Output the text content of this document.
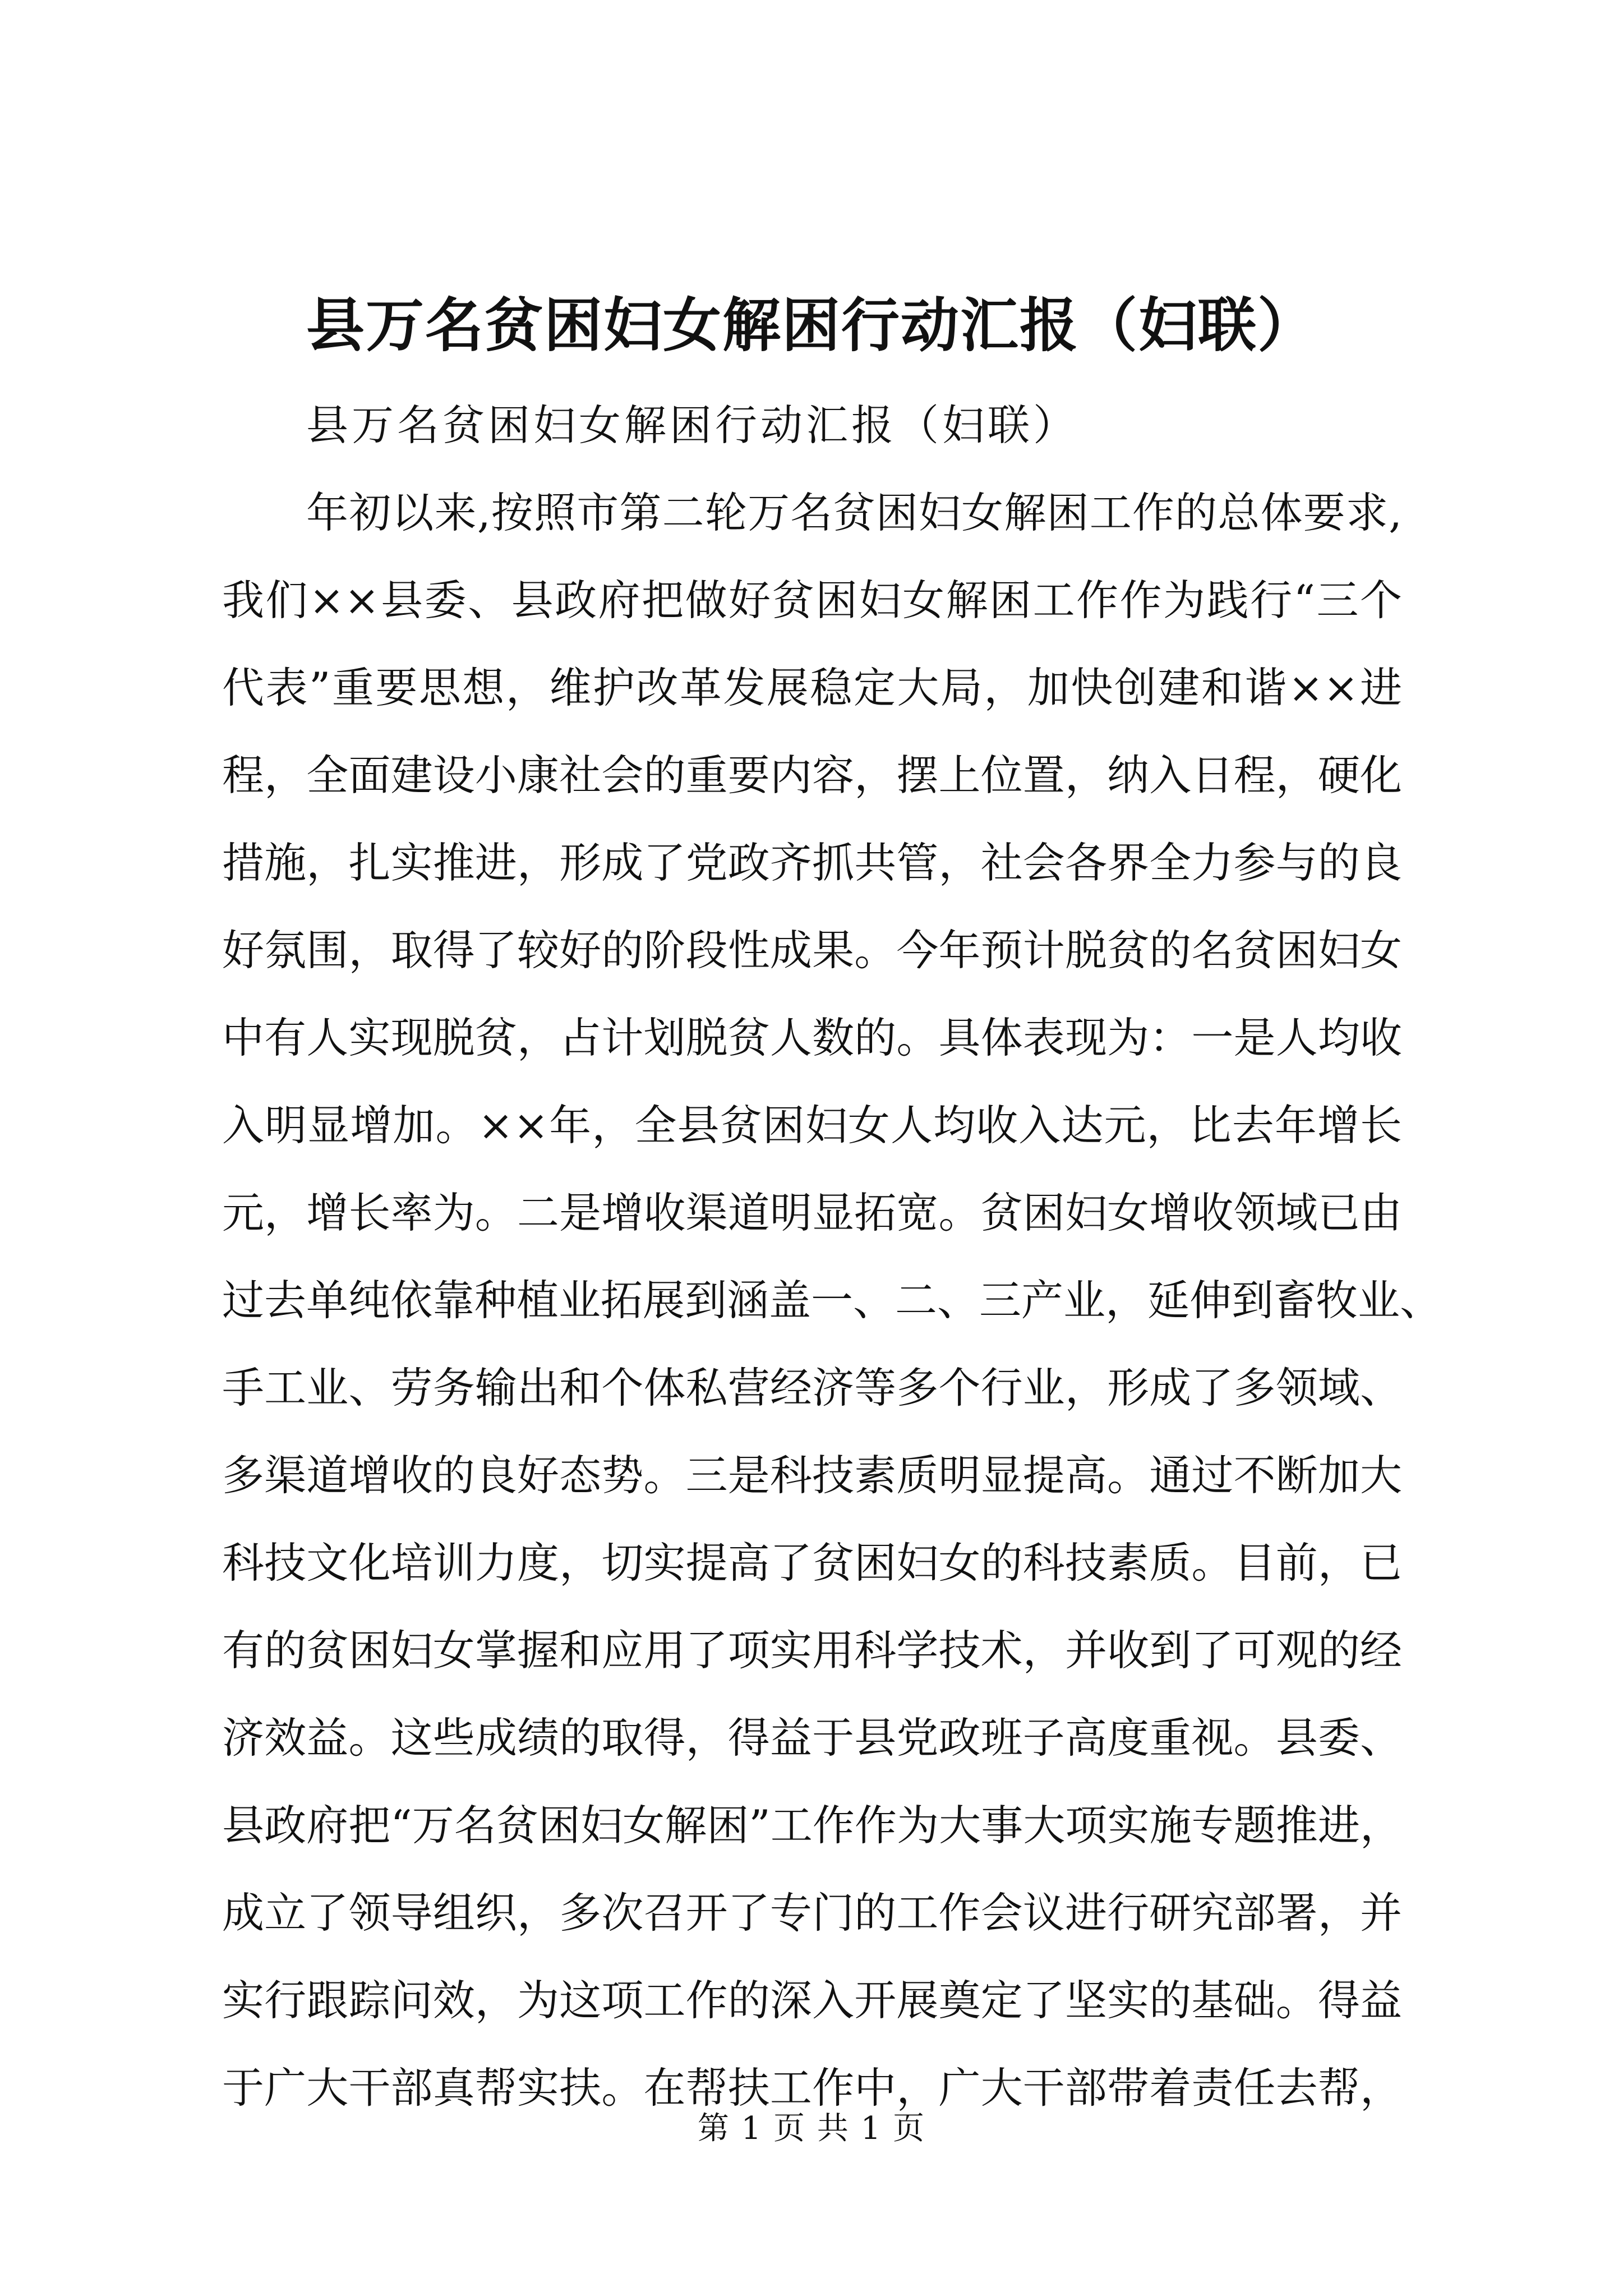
县万名贫困妇女解困行动汇报（妇联）
县万名贫困妇女解困行动汇报（妇联）
年初以来,按照市第二轮万名贫困妇女解困工作的总体要求,
我们××县委、县政府把做好贫困妇女解困工作作为践行“三个
代表”重要思想，维护改革发展稳定大局，加快创建和谐××进
程，全面建设小康社会的重要内容，摆上位置，纳入日程，硬化
措施，扎实推进，形成了党政齐抓共管，社会各界全力参与的良
好氛围，取得了较好的阶段性成果。今年预计脱贫的名贫困妇女
中有人实现脱贫，占计划脱贫人数的。具体表现为：一是人均收
入明显增加。××年，全县贫困妇女人均收入达元，比去年增长
元，增长率为。二是增收渠道明显拓宽。贫困妇女增收领域已由
过去单纯依靠种植业拓展到涵盖一、二、三产业，延伸到畜牧业、
手工业、劳务输出和个体私营经济等多个行业，形成了多领域、
多渠道增收的良好态势。三是科技素质明显提高。通过不断加大
科技文化培训力度，切实提高了贫困妇女的科技素质。目前，已
有的贫困妇女掌握和应用了项实用科学技术，并收到了可观的经
济效益。这些成绩的取得，得益于县党政班子高度重视。县委、
县政府把“万名贫困妇女解困”工作作为大事大项实施专题推进，
成立了领导组织，多次召开了专门的工作会议进行研究部署，并
实行跟踪问效，为这项工作的深入开展奠定了坚实的基础。得益
于广大干部真帮实扶。在帮扶工作中，广大干部带着责任去帮，
第 1 页 共 1 页
